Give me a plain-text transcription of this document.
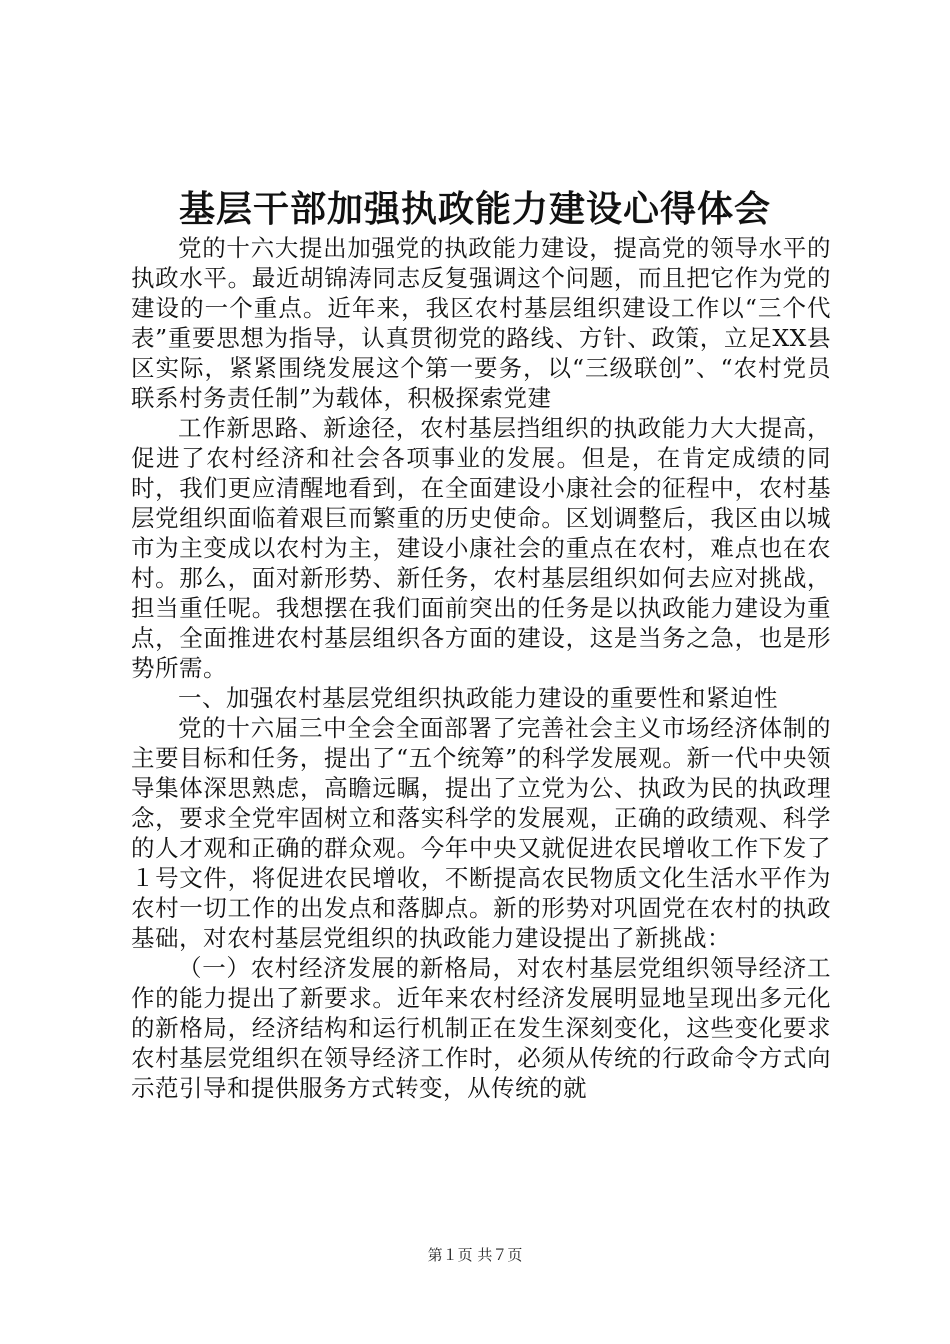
基层干部加强执政能力建设心得体会

党的十六大提出加强党的执政能力建设，提高党的领导水平的执政水平。最近胡锦涛同志反复强调这个问题，而且把它作为党的建设的一个重点。近年来，我区农村基层组织建设工作以“三个代表”重要思想为指导，认真贯彻党的路线、方针、政策，立足XX县区实际，紧紧围绕发展这个第一要务，以“三级联创”、“农村党员联系村务责任制”为载体，积极探索党建

工作新思路、新途径，农村基层挡组织的执政能力大大提高，促进了农村经济和社会各项事业的发展。但是，在肯定成绩的同时，我们更应清醒地看到，在全面建设小康社会的征程中，农村基层党组织面临着艰巨而繁重的历史使命。区划调整后，我区由以城市为主变成以农村为主，建设小康社会的重点在农村，难点也在农村。那么，面对新形势、新任务，农村基层组织如何去应对挑战，担当重任呢。我想摆在我们面前突出的任务是以执政能力建设为重点，全面推进农村基层组织各方面的建设，这是当务之急，也是形势所需。

一、加强农村基层党组织执政能力建设的重要性和紧迫性

党的十六届三中全会全面部署了完善社会主义市场经济体制的主要目标和任务，提出了“五个统筹”的科学发展观。新一代中央领导集体深思熟虑，高瞻远瞩，提出了立党为公、执政为民的执政理念，要求全党牢固树立和落实科学的发展观，正确的政绩观、科学的人才观和正确的群众观。今年中央又就促进农民增收工作下发了１号文件，将促进农民增收，不断提高农民物质文化生活水平作为农村一切工作的出发点和落脚点。新的形势对巩固党在农村的执政基础，对农村基层党组织的执政能力建设提出了新挑战：

（一）农村经济发展的新格局，对农村基层党组织领导经济工作的能力提出了新要求。近年来农村经济发展明显地呈现出多元化的新格局，经济结构和运行机制正在发生深刻变化，这些变化要求农村基层党组织在领导经济工作时，必须从传统的行政命令方式向示范引导和提供服务方式转变，从传统的就

第１页 共７页
